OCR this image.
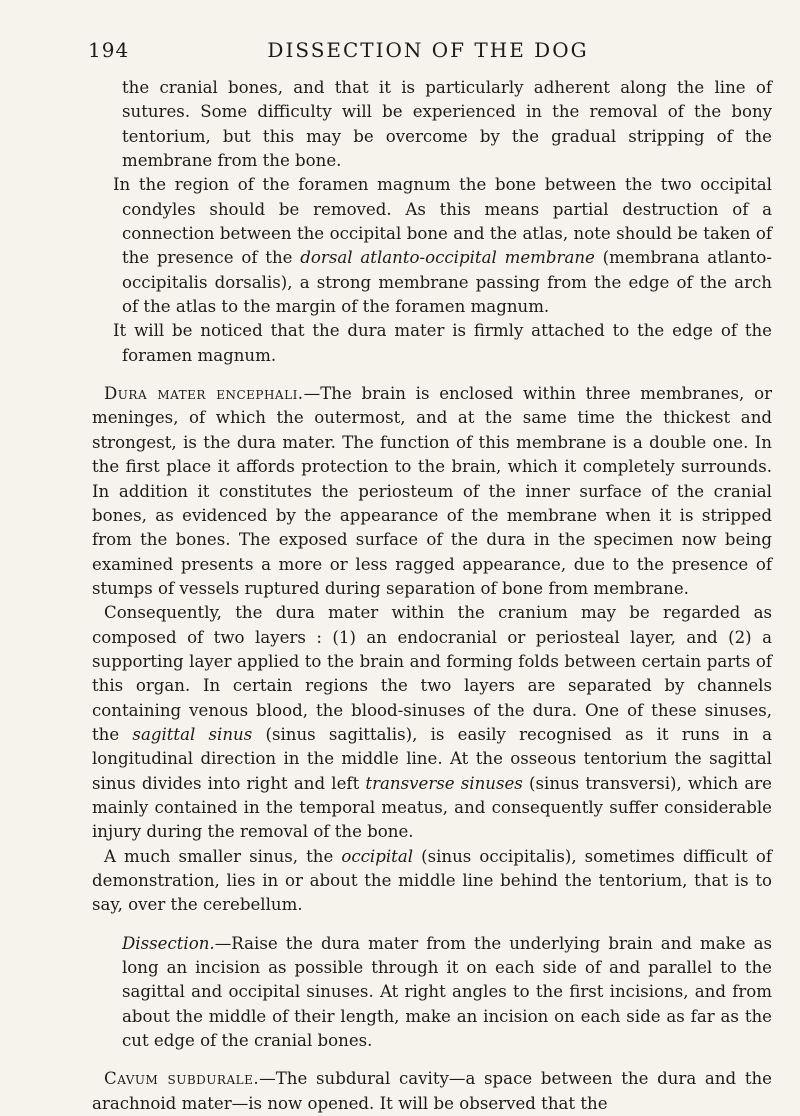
194	DISSECTION OF THE DOG

the cranial bones, and that it is particularly adherent along the line of sutures. Some difficulty will be experienced in the removal of the bony tentorium, but this may be overcome by the gradual stripping of the membrane from the bone.

In the region of the foramen magnum the bone between the two occipital condyles should be removed. As this means partial destruction of a connection between the occipital bone and the atlas, note should be taken of the presence of the dorsal atlanto-occipital membrane (membrana atlanto-occipitalis dorsalis), a strong membrane passing from the edge of the arch of the atlas to the margin of the foramen magnum.

It will be noticed that the dura mater is firmly attached to the edge of the foramen magnum.

Dura mater encephali.—The brain is enclosed within three membranes, or meninges, of which the outermost, and at the same time the thickest and strongest, is the dura mater. The function of this membrane is a double one. In the first place it affords protection to the brain, which it completely surrounds. In addition it constitutes the periosteum of the inner surface of the cranial bones, as evidenced by the appearance of the membrane when it is stripped from the bones. The exposed surface of the dura in the specimen now being examined presents a more or less ragged appearance, due to the presence of stumps of vessels ruptured during separation of bone from membrane.

Consequently, the dura mater within the cranium may be regarded as composed of two layers : (1) an endocranial or periosteal layer, and (2) a supporting layer applied to the brain and forming folds between certain parts of this organ. In certain regions the two layers are separated by channels containing venous blood, the blood-sinuses of the dura. One of these sinuses, the sagittal sinus (sinus sagittalis), is easily recognised as it runs in a longitudinal direction in the middle line. At the osseous tentorium the sagittal sinus divides into right and left transverse sinuses (sinus transversi), which are mainly contained in the temporal meatus, and consequently suffer considerable injury during the removal of the bone.

A much smaller sinus, the occipital (sinus occipitalis), sometimes difficult of demonstration, lies in or about the middle line behind the tentorium, that is to say, over the cerebellum.

Dissection.—Raise the dura mater from the underlying brain and make as long an incision as possible through it on each side of and parallel to the sagittal and occipital sinuses. At right angles to the first incisions, and from about the middle of their length, make an incision on each side as far as the cut edge of the cranial bones.

Cavum subdurale.—The subdural cavity—a space between the dura and the arachnoid mater—is now opened. It will be observed that the
